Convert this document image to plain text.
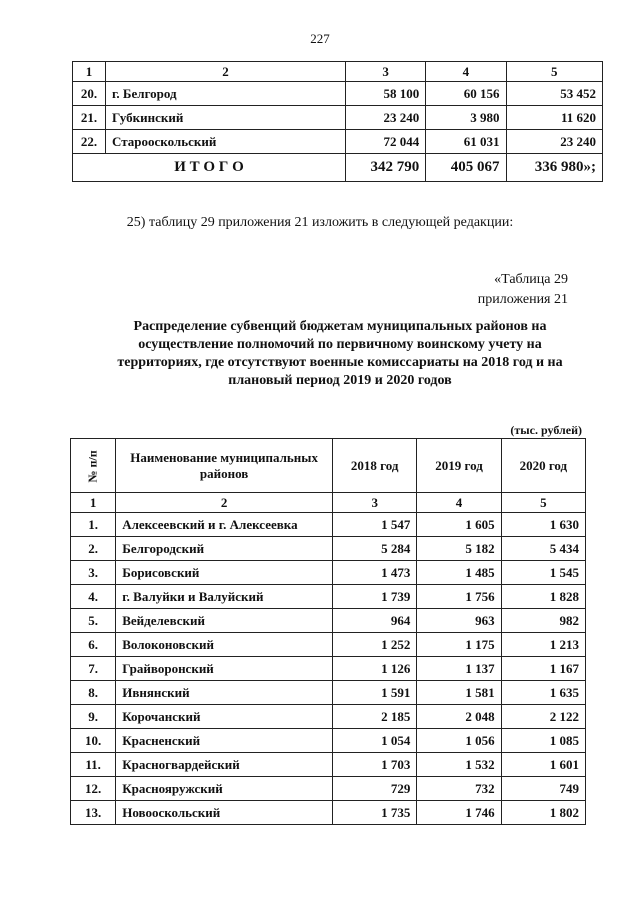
227
1	2	3	4	5
20.	г. Белгород	58 100	60 156	53 452
21.	Губкинский	23 240	3 980	11 620
22.	Старооскольский	72 044	61 031	23 240
И Т О Г О		342 790	405 067	336 980»;
25) таблицу 29 приложения 21 изложить в следующей редакции:
«Таблица 29
приложения 21
Распределение субвенций бюджетам муниципальных районов на осуществление полномочий по первичному воинскому учету на территориях, где отсутствуют военные комиссариаты на 2018 год и на плановый период 2019 и 2020 годов
(тыс. рублей)
№ п/п	Наименование муниципальных районов	2018 год	2019 год	2020 год
1	2	3	4	5
1.	Алексеевский и г. Алексеевка	1 547	1 605	1 630
2.	Белгородский	5 284	5 182	5 434
3.	Борисовский	1 473	1 485	1 545
4.	г. Валуйки и Валуйский	1 739	1 756	1 828
5.	Вейделевский	964	963	982
6.	Волоконовский	1 252	1 175	1 213
7.	Грайворонский	1 126	1 137	1 167
8.	Ивнянский	1 591	1 581	1 635
9.	Корочанский	2 185	2 048	2 122
10.	Красненский	1 054	1 056	1 085
11.	Красногвардейский	1 703	1 532	1 601
12.	Краснояружский	729	732	749
13.	Новооскольский	1 735	1 746	1 802
